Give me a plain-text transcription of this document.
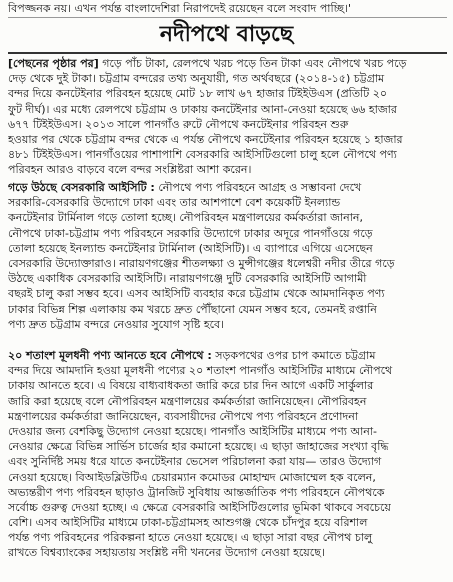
বিপজ্জনক নয়। এখন পর্যন্ত বাংলাদেশিরা নিরাপদেই রয়েছেন বলে সংবাদ পাচ্ছি।'
নদীপথে বাড়ছে
[পেছনের পৃষ্ঠার পর] গড়ে পাঁচ টাকা, রেলপথে খরচ পড়ে তিন টাকা এবং নৌপথে খরচ পড়ে
দেড় থেকে দুই টাকা। চট্টগ্রাম বন্দরের তথ্য অনুযায়ী, গত অর্থবছরে (২০১৪-১৫) চট্টগ্রাম
বন্দর দিয়ে কনটেইনার পরিবহন হয়েছে মোট ১৮ লাখ ৬৭ হাজার টিইইউএস (প্রতিটি ২০
ফুট দীর্ঘ)। এর মধ্যে রেলপথে চট্টগ্রাম ও ঢাকায় কনটেইনার আনা-নেওয়া হয়েছে ৬৬ হাজার
৬৭৭ টিইইউএস। ২০১৩ সালে পানগাঁও রুটে নৌপথে কনটেইনার পরিবহন শুরু
হওয়ার পর থেকে চট্টগ্রাম বন্দর থেকে এ পর্যন্ত নৌপথে কনটেইনার পরিবহন হয়েছে ১ হাজার
৪৮১ টিইইউএস। পানগাঁওয়ের পাশাপাশি বেসরকারি আইসিটিগুলো চালু হলে নৌপথে পণ্য
পরিবহন আরও বাড়বে বলে বন্দর সংশ্লিষ্টরা আশা করেন।
গড়ে উঠছে বেসরকারি আইসিটি : নৌপথে পণ্য পরিবহনে আগ্রহ ও সম্ভাবনা দেখে
সরকারি-বেসরকারি উদ্যোগে ঢাকা এবং তার আশপাশে বেশ কয়েকটি ইনল্যান্ড
কনটেইনার টার্মিনাল গড়ে তোলা হচ্ছে। নৌপরিবহন মন্ত্রণালয়ের কর্মকর্তারা জানান,
নৌপথে ঢাকা-চট্টগ্রাম পণ্য পরিবহনে সরকারি উদ্যোগে ঢাকার অদূরে পানগাঁওয়ে গড়ে
তোলা হয়েছে ইনল্যান্ড কনটেইনার টার্মিনাল (আইসিটি)। এ ব্যাপারে এগিয়ে এসেছেন
বেসরকারি উদ্যোক্তারাও। নারায়ণগঞ্জের শীতলক্ষ্যা ও মুন্সীগঞ্জের ধলেশ্বরী নদীর তীরে গড়ে
উঠছে একাধিক বেসরকারি আইসিটি। নারায়ণগঞ্জে দুটি বেসরকারি আইসিটি আগামী
বছরই চালু করা সম্ভব হবে। এসব আইসিটি ব্যবহার করে চট্টগ্রাম থেকে আমদানিকৃত পণ্য
ঢাকার বিভিন্ন শিল্প এলাকায় কম খরচে দ্রুত পৌঁছানো যেমন সম্ভব হবে, তেমনই রপ্তানি
পণ্য দ্রুত চট্টগ্রাম বন্দরে নেওয়ার সুযোগ সৃষ্টি হবে।
২০ শতাংশ মূলধনী পণ্য আনতে হবে নৌপথে : সড়কপথের ওপর চাপ কমাতে চট্টগ্রাম
বন্দর দিয়ে আমদানি হওয়া মূলধনী পণ্যের ২০ শতাংশ পানগাঁও আইসিটির মাধ্যমে নৌপথে
ঢাকায় আনতে হবে। এ বিষয়ে বাধ্যবাধকতা জারি করে চার দিন আগে একটি সার্কুলার
জারি করা হয়েছে বলে নৌপরিবহন মন্ত্রণালয়ের কর্মকর্তারা জানিয়েছেন। নৌপরিবহন
মন্ত্রণালয়ের কর্মকর্তারা জানিয়েছেন, ব্যবসায়ীদের নৌপথে পণ্য পরিবহনে প্রণোদনা
দেওয়ার জন্য বেশকিছু উদ্যোগ নেওয়া হয়েছে। পানগাঁও আইসিটির মাধ্যমে পণ্য আনা-
নেওয়ার ক্ষেত্রে বিভিন্ন সার্ভিস চার্জের হার কমানো হয়েছে। এ ছাড়া জাহাজের সংখ্যা বৃদ্ধি
এবং সুনির্দিষ্ট সময় ধরে যাতে কনটেইনার ভেসেল পরিচালনা করা যায়— তারও উদ্যোগ
নেওয়া হয়েছে। বিআইডব্লিউটিএ চেয়ারম্যান কমোডর মোহাম্মদ মোজাম্মেল হক বলেন,
অভ্যন্তরীণ পণ্য পরিবহন ছাড়াও ট্রানজিট সুবিধায় আন্তর্জাতিক পণ্য পরিবহনে নৌপথকে
সর্বোচ্চ গুরুত্ব দেওয়া হচ্ছে। এ ক্ষেত্রে বেসরকারি আইসিটিগুলোর ভূমিকা থাকবে সবচেয়ে
বেশি। এসব আইসিটির মাধ্যমে ঢাকা-চট্টগ্রামসহ আশুগঞ্জ থেকে চাঁদপুর হয়ে বরিশাল
পর্যন্ত পণ্য পরিবহনের পরিকল্পনা হাতে নেওয়া হয়েছে। এ ছাড়া সারা বছর নৌপথ চালু
রাখতে বিশ্বব্যাংকের সহায়তায় সংশ্লিষ্ট নদী খননের উদ্যোগ নেওয়া হয়েছে।
